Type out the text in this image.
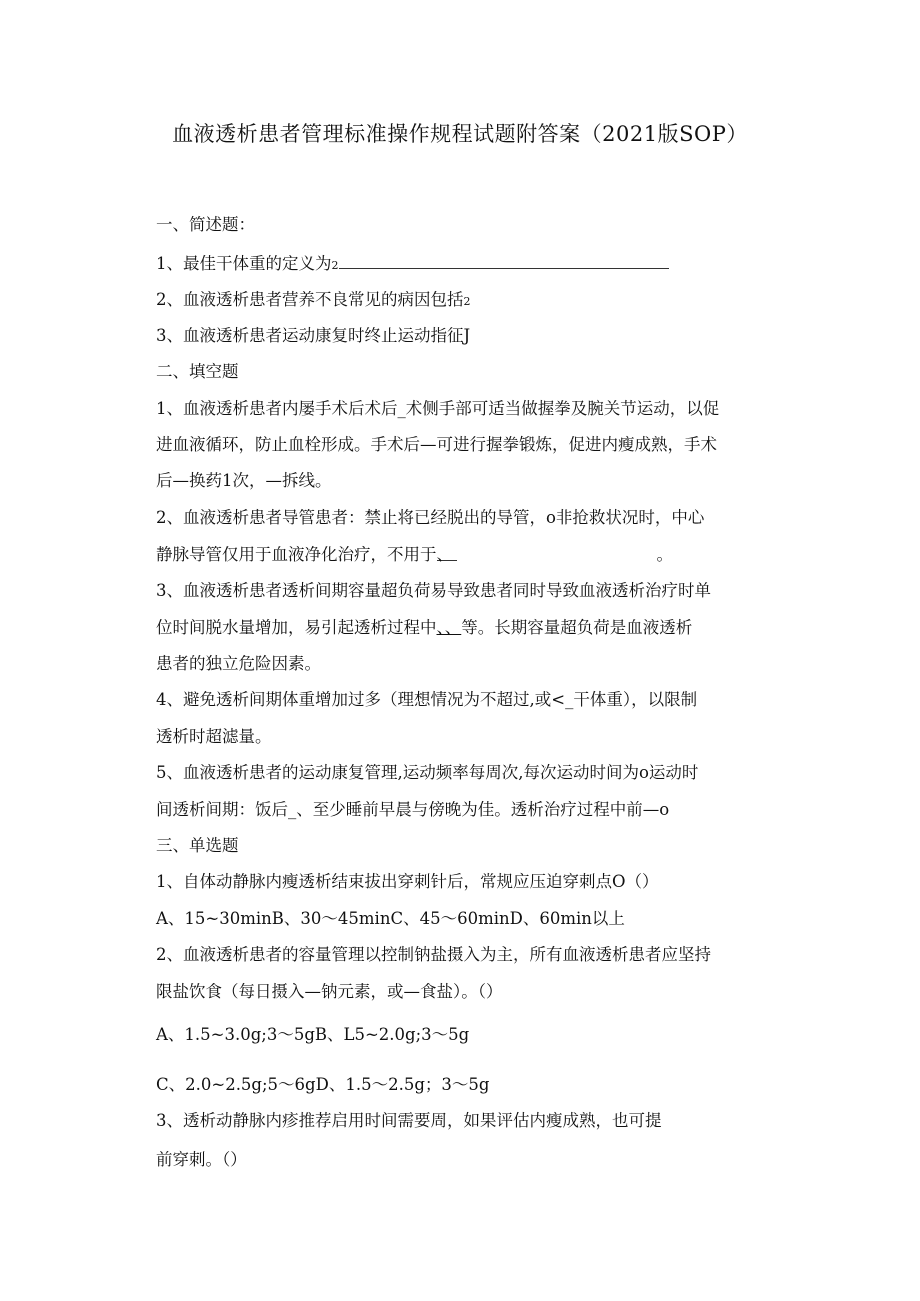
血液透析患者管理标准操作规程试题附答案（2021版SOP）
一、简述题：
1、最佳干体重的定义为2
2、血液透析患者营养不良常见的病因包括2
3、血液透析患者运动康复时终止运动指征J
二、填空题
1、血液透析患者内屡手术后术后_术侧手部可适当做握拳及腕关节运动，以促
进血液循环，防止血栓形成。手术后—可进行握拳锻炼，促进内瘦成熟，手术
后—换药1次，—拆线。
2、血液透析患者导管患者：禁止将已经脱出的导管，o非抢救状况时，中心
静脉导管仅用于血液净化治疗，不用于、	。
3、血液透析患者透析间期容量超负荷易导致患者同时导致血液透析治疗时单
位时间脱水量增加，易引起透析过程中、、等。长期容量超负荷是血液透析
患者的独立危险因素。
4、避免透析间期体重增加过多（理想情况为不超过,或<_干体重），以限制
透析时超滤量。
5、血液透析患者的运动康复管理,运动频率每周次,每次运动时间为o运动时
间透析间期：饭后_、至少睡前早晨与傍晚为佳。透析治疗过程中前—o
三、单选题
1、自体动静脉内瘦透析结束拔出穿刺针后，常规应压迫穿刺点O（）
A、15~30minB、30～45minC、45～60minD、60min以上
2、血液透析患者的容量管理以控制钠盐摄入为主，所有血液透析患者应坚持
限盐饮食（每日摄入—钠元素，或—食盐）。（）
A、1.5~3.0g;3～5gB、L5~2.0g;3～5g
C、2.0~2.5g;5～6gD、1.5～2.5g；3～5g
3、透析动静脉内疹推荐启用时间需要周，如果评估内瘦成熟，也可提
前穿刺。（）
